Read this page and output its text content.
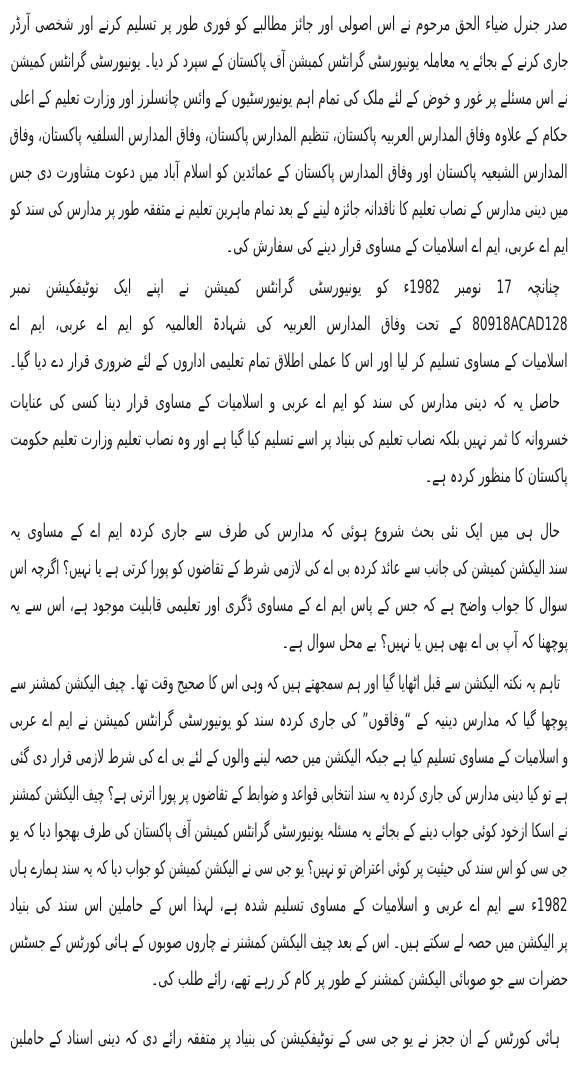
صدر جنرل ضیاء الحق مرحوم نے اس اصولی اور جائز مطالبے کو فوری طور پر تسلیم کرنے اور شخصی آرڈر
جاری کرنے کے بجائے یہ معاملہ یونیورسٹی گرانٹس کمیشن آف پاکستان کے سپرد کر دیا۔ یونیورسٹی گرانٹس کمیشن
نے اس مسئلے پر غور و خوض کے لئے ملک کی تمام اہم یونیورسٹیوں کے وائس چانسلرز اور وزارت تعلیم کے اعلی
حکام کے علاوہ وفاق المدارس العربیہ پاکستان، تنظیم المدارس پاکستان، وفاق المدارس السلفیہ پاکستان، وفاق
المدارس الشیعیہ پاکستان اور وفاق المدارس پاکستان کے عمائدین کو اسلام آباد میں دعوت مشاورت دی جس
میں دینی مدارس کے نصاب تعلیم کا ناقدانہ جائزہ لینے کے بعد تمام ماہرین تعلیم نے متفقہ طور پر مدارس کی سند کو
ایم اے عربی، ایم اے اسلامیات کے مساوی قرار دینے کی سفارش کی۔
چنانچہ 17 نومبر 1982ء کو یونیورسٹی گرانٹس کمیشن نے اپنے ایک نوٹیفکیشن نمبر
80918ACAD128 کے تحت وفاق المدارس العربیہ کی شہادۃ العالمیہ کو ایم اے عربی، ایم اے
اسلامیات کے مساوی تسلیم کر لیا اور اس کا عملی اطلاق تمام تعلیمی اداروں کے لئے ضروری قرار دے دیا گیا۔
حاصل یہ کہ دینی مدارس کی سند کو ایم اے عربی و اسلامیات کے مساوی قرار دینا کسی کی عنایات
خسروانہ کا ثمر نہیں بلکہ نصاب تعلیم کی بنیاد پر اسے تسلیم کیا گیا ہے اور وہ نصاب تعلیم وزارت تعلیم حکومت
پاکستان کا منظور کردہ ہے۔
حال ہی میں ایک نئی بحث شروع ہوئی کہ مدارس کی طرف سے جاری کردہ ایم اے کے مساوی یہ
سند الیکشن کمیشن کی جانب سے عائد کردہ بی اے کی لازمی شرط کے تقاضوں کو پورا کرتی ہے یا نہیں؟ اگرچہ اس
سوال کا جواب واضح ہے کہ جس کے پاس ایم اے کے مساوی ڈگری اور تعلیمی قابلیت موجود ہے، اس سے یہ
پوچھنا کہ آپ بی اے بھی ہیں یا نہیں؟ بے محل سوال ہے۔
تاہم یہ نکتہ الیکشن سے قبل اٹھایا گیا اور ہم سمجھتے ہیں کہ وہی اس کا صحیح وقت تھا۔ چیف الیکشن کمشنر سے
پوچھا گیا کہ مدارس دینیہ کے “وفاقوں” کی جاری کردہ سند کو یونیورسٹی گرانٹس کمیشن نے ایم اے عربی
و اسلامیات کے مساوی تسلیم کیا ہے جبکہ الیکشن میں حصہ لینے والوں کے لئے بی اے کی شرط لازمی قرار دی گئی
ہے تو کیا دینی مدارس کی جاری کردہ یہ سند انتخابی قواعد و ضوابط کے تقاضوں پر پورا اترتی ہے؟ چیف الیکشن کمشنر
نے اسکا ازخود کوئی جواب دینے کے بجائے یہ مسئلہ یونیورسٹی گرانٹس کمیشن آف پاکستان کی طرف بھجوا دیا کہ یو
جی سی کو اس سند کی حیثیت پر کوئی اعتراض تو نہیں؟ یو جی سی نے الیکشن کمیشن کو جواب دیا کہ یہ سند ہمارے ہاں
1982ء سے ایم اے عربی و اسلامیات کے مساوی تسلیم شدہ ہے، لہذا اس کے حاملین اس سند کی بنیاد
پر الیکشن میں حصہ لے سکتے ہیں۔ اس کے بعد چیف الیکشن کمشنر نے چاروں صوبوں کے ہائی کورٹس کے جسٹس
حضرات سے جو صوبائی الیکشن کمشنر کے طور پر کام کر رہے تھے، رائے طلب کی۔
ہائی کورٹس کے ان ججز نے یو جی سی کے نوٹیفکیشن کی بنیاد پر متفقہ رائے دی کہ دینی اسناد کے حاملین
